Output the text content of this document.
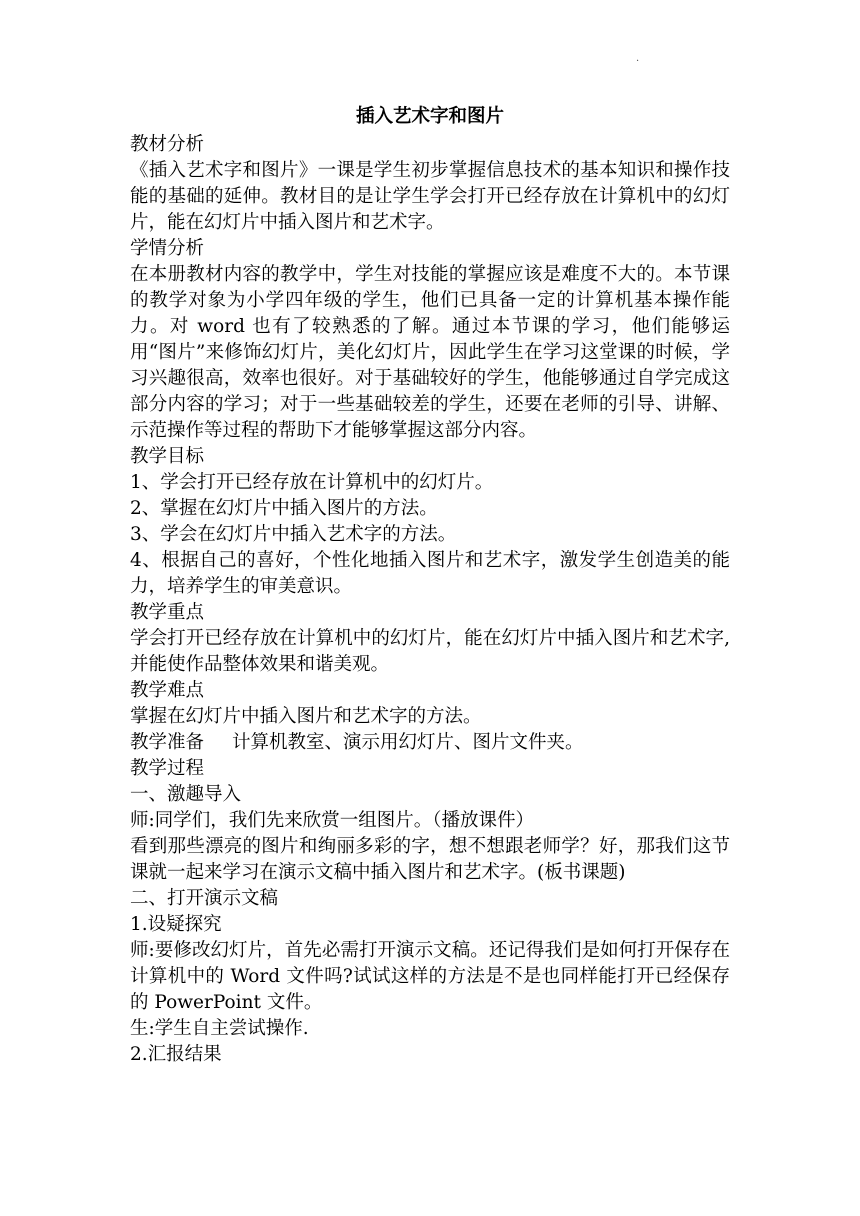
·

插入艺术字和图片

教材分析

《插入艺术字和图片》一课是学生初步掌握信息技术的基本知识和操作技能的基础的延伸。教材目的是让学生学会打开已经存放在计算机中的幻灯片，能在幻灯片中插入图片和艺术字。

学情分析

在本册教材内容的教学中，学生对技能的掌握应该是难度不大的。本节课的教学对象为小学四年级的学生，他们已具备一定的计算机基本操作能力。对 word 也有了较熟悉的了解。通过本节课的学习，他们能够运用“图片”来修饰幻灯片，美化幻灯片，因此学生在学习这堂课的时候，学习兴趣很高，效率也很好。对于基础较好的学生，他能够通过自学完成这部分内容的学习；对于一些基础较差的学生，还要在老师的引导、讲解、示范操作等过程的帮助下才能够掌握这部分内容。

教学目标

1、学会打开已经存放在计算机中的幻灯片。

2、掌握在幻灯片中插入图片的方法。

3、学会在幻灯片中插入艺术字的方法。

4、根据自己的喜好，个性化地插入图片和艺术字，激发学生创造美的能力，培养学生的审美意识。

教学重点

学会打开已经存放在计算机中的幻灯片，能在幻灯片中插入图片和艺术字,并能使作品整体效果和谐美观。

教学难点

掌握在幻灯片中插入图片和艺术字的方法。

教学准备 计算机教室、演示用幻灯片、图片文件夹。

教学过程

一、激趣导入

师:同学们，我们先来欣赏一组图片。（播放课件）

看到那些漂亮的图片和绚丽多彩的字，想不想跟老师学？好，那我们这节课就一起来学习在演示文稿中插入图片和艺术字。(板书课题)

二、打开演示文稿

1.设疑探究

师:要修改幻灯片，首先必需打开演示文稿。还记得我们是如何打开保存在计算机中的 Word 文件吗?试试这样的方法是不是也同样能打开已经保存的 PowerPoint 文件。

生:学生自主尝试操作.

2.汇报结果
